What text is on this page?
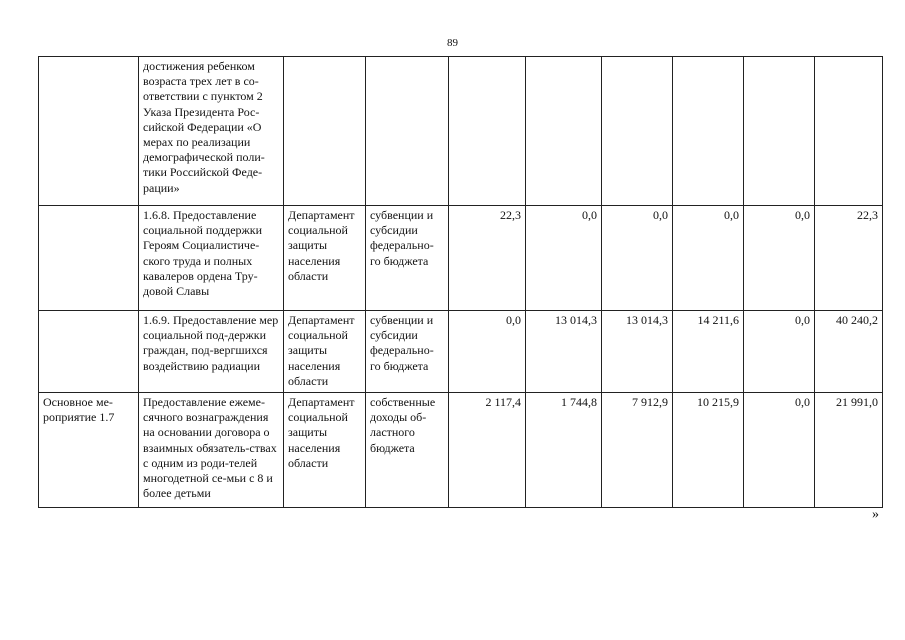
89
	достижения ребенком возраста трех лет в со-ответствии с пунктом 2 Указа Президента Рос-сийской Федерации «О мерах по реализации демографической поли-тики Российской Феде-рации»								
	1.6.8. Предоставление социальной поддержки Героям Социалистиче-ского труда и полных кавалеров ордена Тру-довой Славы	Департамент социальной защиты населения области	субвенции и субсидии федерально-го бюджета	22,3	0,0	0,0	0,0	0,0	22,3
	1.6.9. Предоставление мер социальной под-держки граждан, под-вергшихся воздействию радиации	Департамент социальной защиты населения области	субвенции и субсидии федерально-го бюджета	0,0	13 014,3	13 014,3	14 211,6	0,0	40 240,2
Основное ме-роприятие 1.7	Предоставление ежеме-сячного вознаграждения на основании договора о взаимных обязатель-ствах с одним из роди-телей многодетной се-мьи с 8 и более детьми	Департамент социальной защиты населения области	собственные доходы об-ластного бюджета	2 117,4	1 744,8	7 912,9	10 215,9	0,0	21 991,0
»
